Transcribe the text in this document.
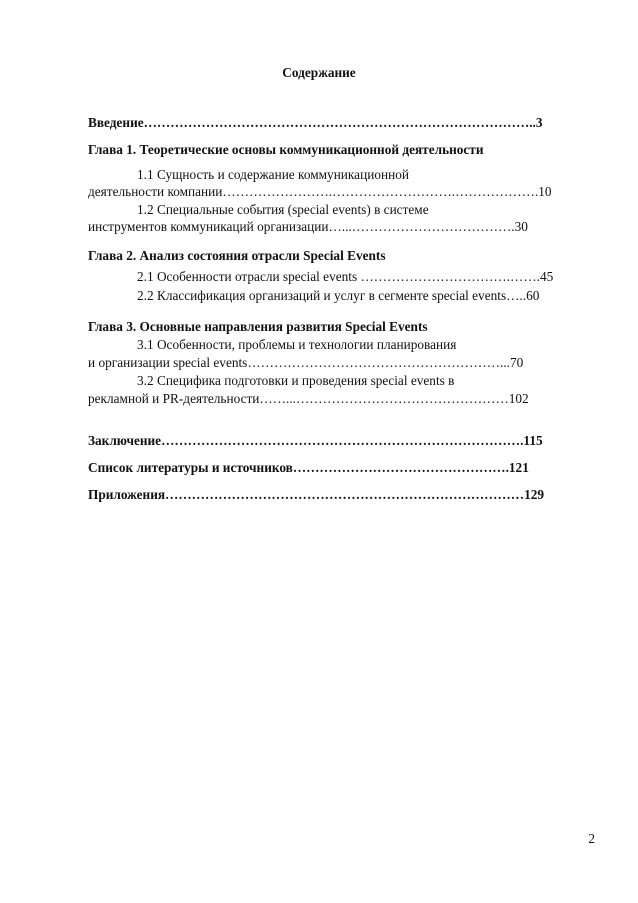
Содержание
Введение……………………………………………………………………………..3
Глава 1. Теоретические основы коммуникационной деятельности
1.1 Сущность и содержание коммуникационной
деятельности компании…………………….……………………….……………….10
1.2 Специальные события (special events) в системе
инструментов коммуникаций организации…...……………………………….30
Глава 2. Анализ состояния отрасли Special Events
2.1 Особенности отрасли special events …………………………….…….45
2.2 Классификация организаций и услуг в сегменте special events…..60
Глава 3. Основные направления развития Special Events
3.1 Особенности, проблемы и технологии планирования
и организации special events…………………………………………………...70
3.2 Специфика подготовки и проведения special events в
рекламной и PR-деятельности……...…………………………………………102
Заключение……………………………………………………………………….115
Список литературы и источников………………………………………….121
Приложения………………………………………………………………………129
2
